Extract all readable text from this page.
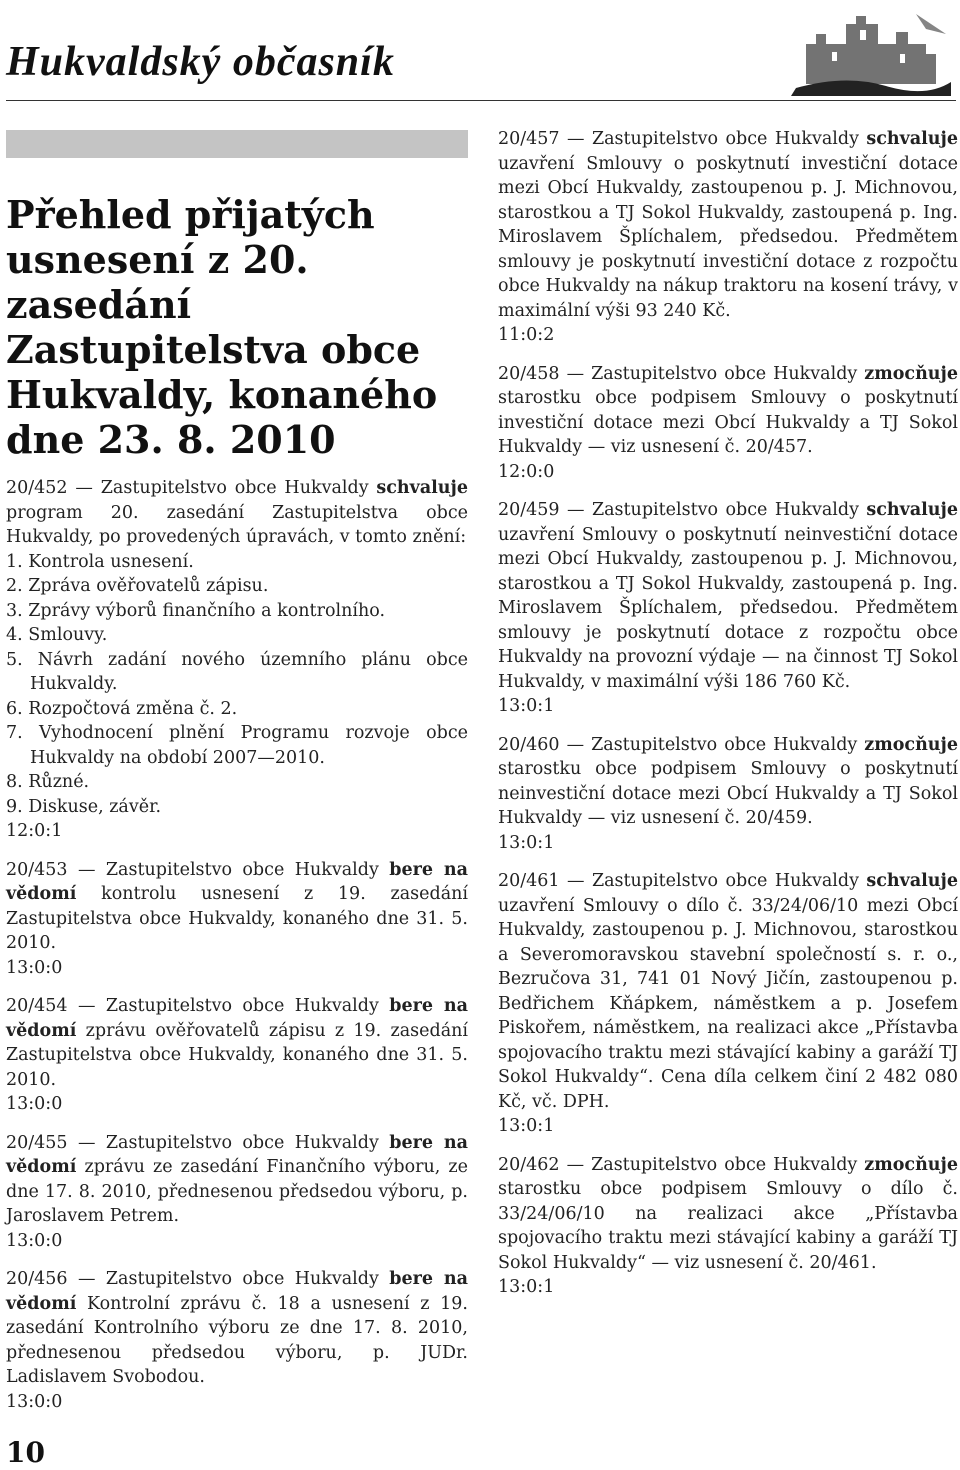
Hukvaldský občasník
Přehled přijatých usnesení z 20. zasedání Zastupitelstva obce Hukvaldy, konaného dne 23. 8. 2010

20/452 — Zastupitelstvo obce Hukvaldy schvaluje program 20. zasedání Zastupitelstva obce Hukvaldy, po provedených úpravách, v tomto znění:

1. Kontrola usnesení.
2. Zpráva ověřovatelů zápisu.
3. Zprávy výborů finančního a kontrolního.
4. Smlouvy.
5. Návrh zadání nového územního plánu obce Hukvaldy.
6. Rozpočtová změna č. 2.
7. Vyhodnocení plnění Programu rozvoje obce Hukvaldy na období 2007—2010.
8. Různé.
9. Diskuse, závěr.

12:0:1

20/453 — Zastupitelstvo obce Hukvaldy bere na vědomí kontrolu usnesení z 19. zasedání Zastupitelstva obce Hukvaldy, konaného dne 31. 5. 2010.

13:0:0

20/454 — Zastupitelstvo obce Hukvaldy bere na vědomí zprávu ověřovatelů zápisu z 19. zasedání Zastupitelstva obce Hukvaldy, konaného dne 31. 5. 2010.

13:0:0

20/455 — Zastupitelstvo obce Hukvaldy bere na vědomí zprávu ze zasedání Finančního výboru, ze dne 17. 8. 2010, přednesenou předsedou výboru, p. Jaroslavem Petrem.

13:0:0

20/456 — Zastupitelstvo obce Hukvaldy bere na vědomí Kontrolní zprávu č. 18 a usnesení z 19. zasedání Kontrolního výboru ze dne 17. 8. 2010, přednesenou předsedou výboru, p. JUDr. Ladislavem Svobodou.

13:0:0

20/457 — Zastupitelstvo obce Hukvaldy schvaluje uzavření Smlouvy o poskytnutí investiční dotace mezi Obcí Hukvaldy, zastoupenou p. J. Michnovou, starostkou a TJ Sokol Hukvaldy, zastoupená p. Ing. Miroslavem Šplíchalem, předsedou. Předmětem smlouvy je poskytnutí investiční dotace z rozpočtu obce Hukvaldy na nákup traktoru na kosení trávy, v maximální výši 93 240 Kč.

11:0:2

20/458 — Zastupitelstvo obce Hukvaldy zmocňuje starostku obce podpisem Smlouvy o poskytnutí investiční dotace mezi Obcí Hukvaldy a TJ Sokol Hukvaldy — viz usnesení č. 20/457.

12:0:0

20/459 — Zastupitelstvo obce Hukvaldy schvaluje uzavření Smlouvy o poskytnutí neinvestiční dotace mezi Obcí Hukvaldy, zastoupenou p. J. Michnovou, starostkou a TJ Sokol Hukvaldy, zastoupená p. Ing. Miroslavem Šplíchalem, předsedou. Předmětem smlouvy je poskytnutí dotace z rozpočtu obce Hukvaldy na provozní výdaje — na činnost TJ Sokol Hukvaldy, v maximální výši 186 760 Kč.

13:0:1

20/460 — Zastupitelstvo obce Hukvaldy zmocňuje starostku obce podpisem Smlouvy o poskytnutí neinvestiční dotace mezi Obcí Hukvaldy a TJ Sokol Hukvaldy — viz usnesení č. 20/459.

13:0:1

20/461 — Zastupitelstvo obce Hukvaldy schvaluje uzavření Smlouvy o dílo č. 33/24/06/10 mezi Obcí Hukvaldy, zastoupenou p. J. Michnovou, starostkou a Severomoravskou stavební společností s. r. o., Bezručova 31, 741 01 Nový Jičín, zastoupenou p. Bedřichem Kňápkem, náměstkem a p. Josefem Piskořem, náměstkem, na realizaci akce „Přístavba spojovacího traktu mezi stávající kabiny a garáží TJ Sokol Hukvaldy“. Cena díla celkem činí 2 482 080 Kč, vč. DPH.

13:0:1

20/462 — Zastupitelstvo obce Hukvaldy zmocňuje starostku obce podpisem Smlouvy o dílo č. 33/24/06/10 na realizaci akce „Přístavba spojovacího traktu mezi stávající kabiny a garáží TJ Sokol Hukvaldy“ — viz usnesení č. 20/461.

13:0:1

10
